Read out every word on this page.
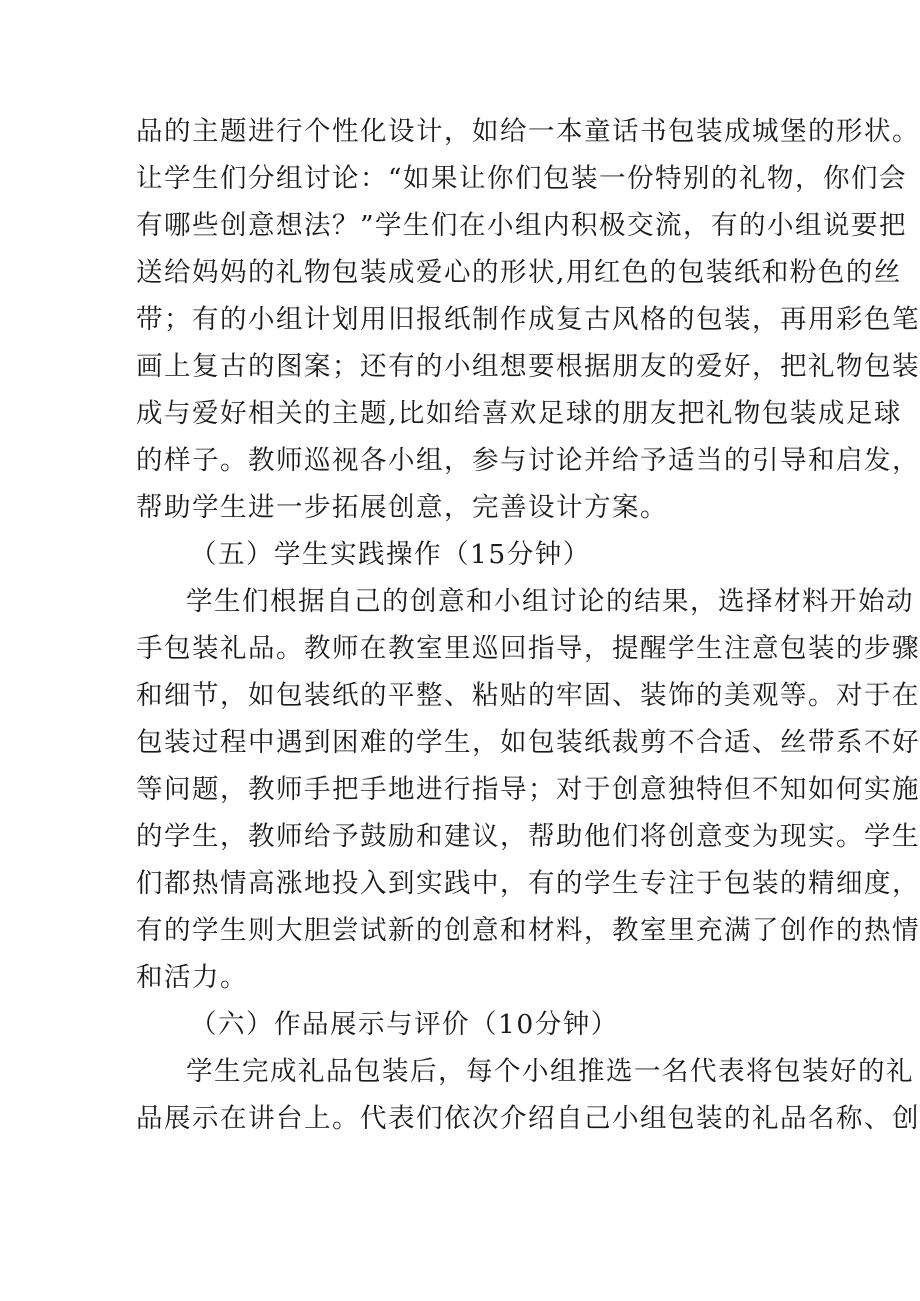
品的主题进行个性化设计，如给一本童话书包装成城堡的形状。
让学生们分组讨论：“如果让你们包装一份特别的礼物，你们会
有哪些创意想法？”学生们在小组内积极交流，有的小组说要把
送给妈妈的礼物包装成爱心的形状,用红色的包装纸和粉色的丝
带；有的小组计划用旧报纸制作成复古风格的包装，再用彩色笔
画上复古的图案；还有的小组想要根据朋友的爱好，把礼物包装
成与爱好相关的主题,比如给喜欢足球的朋友把礼物包装成足球
的样子。教师巡视各小组，参与讨论并给予适当的引导和启发，
帮助学生进一步拓展创意，完善设计方案。
（五）学生实践操作（15分钟）
学生们根据自己的创意和小组讨论的结果，选择材料开始动
手包装礼品。教师在教室里巡回指导，提醒学生注意包装的步骤
和细节，如包装纸的平整、粘贴的牢固、装饰的美观等。对于在
包装过程中遇到困难的学生，如包装纸裁剪不合适、丝带系不好
等问题，教师手把手地进行指导；对于创意独特但不知如何实施
的学生，教师给予鼓励和建议，帮助他们将创意变为现实。学生
们都热情高涨地投入到实践中，有的学生专注于包装的精细度，
有的学生则大胆尝试新的创意和材料，教室里充满了创作的热情
和活力。
（六）作品展示与评价（10分钟）
学生完成礼品包装后，每个小组推选一名代表将包装好的礼
品展示在讲台上。代表们依次介绍自己小组包装的礼品名称、创
